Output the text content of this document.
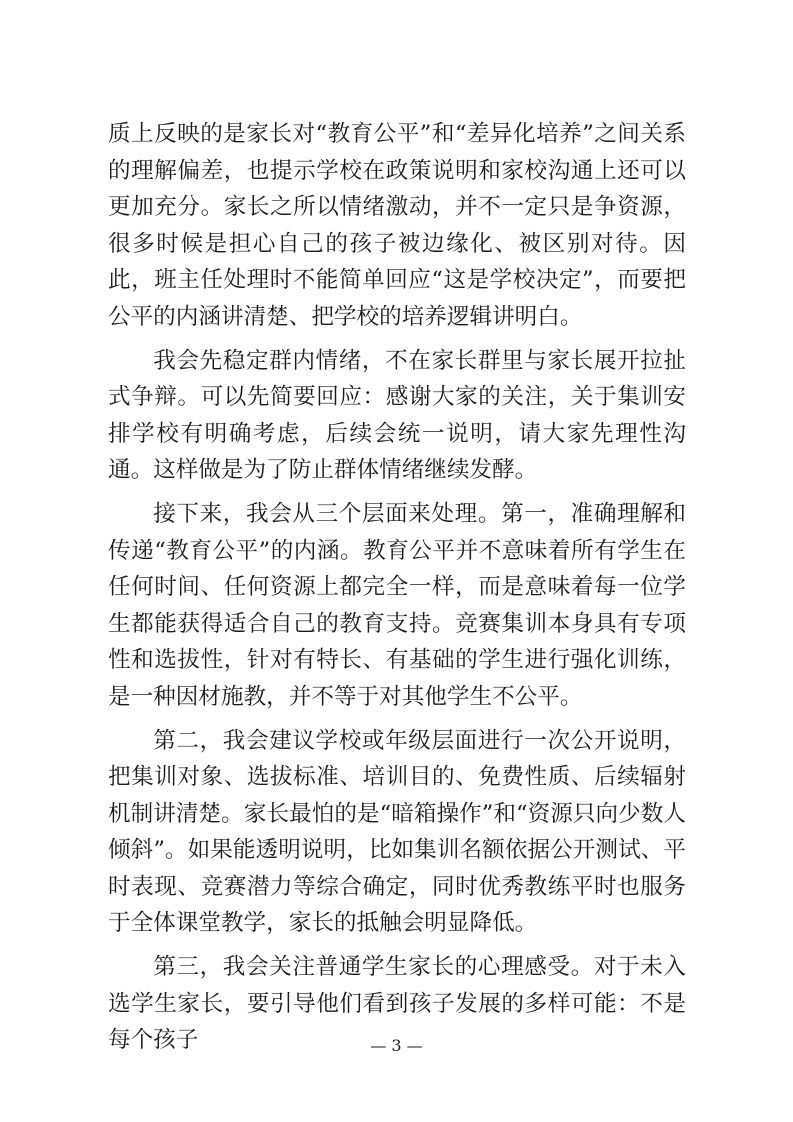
质上反映的是家长对“教育公平”和“差异化培养”之间关系的理解偏差，也提示学校在政策说明和家校沟通上还可以更加充分。家长之所以情绪激动，并不一定只是争资源，很多时候是担心自己的孩子被边缘化、被区别对待。因此，班主任处理时不能简单回应“这是学校决定”，而要把公平的内涵讲清楚、把学校的培养逻辑讲明白。

我会先稳定群内情绪，不在家长群里与家长展开拉扯式争辩。可以先简要回应：感谢大家的关注，关于集训安排学校有明确考虑，后续会统一说明，请大家先理性沟通。这样做是为了防止群体情绪继续发酵。

接下来，我会从三个层面来处理。第一，准确理解和传递“教育公平”的内涵。教育公平并不意味着所有学生在任何时间、任何资源上都完全一样，而是意味着每一位学生都能获得适合自己的教育支持。竞赛集训本身具有专项性和选拔性，针对有特长、有基础的学生进行强化训练，是一种因材施教，并不等于对其他学生不公平。

第二，我会建议学校或年级层面进行一次公开说明，把集训对象、选拔标准、培训目的、免费性质、后续辐射机制讲清楚。家长最怕的是“暗箱操作”和“资源只向少数人倾斜”。如果能透明说明，比如集训名额依据公开测试、平时表现、竞赛潜力等综合确定，同时优秀教练平时也服务于全体课堂教学，家长的抵触会明显降低。

第三，我会关注普通学生家长的心理感受。对于未入选学生家长，要引导他们看到孩子发展的多样可能：不是每个孩子	— 3 —
